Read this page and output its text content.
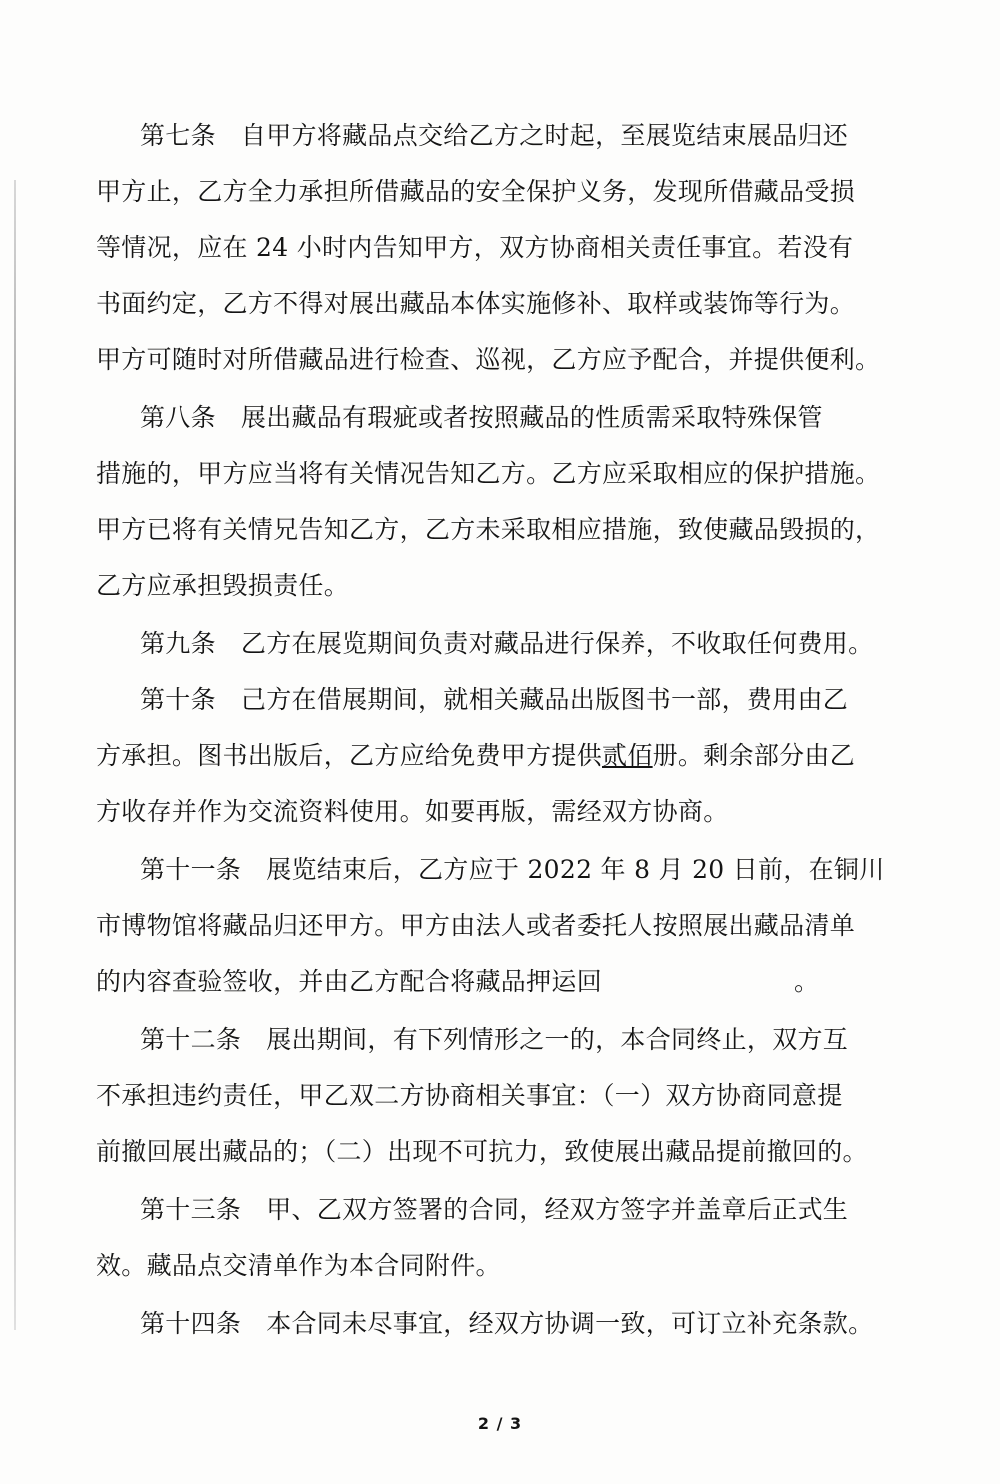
第七条 自甲方将藏品点交给乙方之时起，至展览结束展品归还
甲方止，乙方全力承担所借藏品的安全保护义务，发现所借藏品受损
等情况，应在 24 小时内告知甲方，双方协商相关责任事宜。若没有
书面约定，乙方不得对展出藏品本体实施修补、取样或装饰等行为。
甲方可随时对所借藏品进行检查、巡视，乙方应予配合，并提供便利。
第八条 展出藏品有瑕疵或者按照藏品的性质需采取特殊保管
措施的，甲方应当将有关情况告知乙方。乙方应采取相应的保护措施。
甲方已将有关情兄告知乙方，乙方未采取相应措施，致使藏品毁损的，
乙方应承担毁损责任。
第九条 乙方在展览期间负责对藏品进行保养，不收取任何费用。
第十条 己方在借展期间，就相关藏品出版图书一部，费用由乙
方承担。图书出版后，乙方应给免费甲方提供贰佰册。剩余部分由乙
方收存并作为交流资料使用。如要再版，需经双方协商。
第十一条 展览结束后，乙方应于 2022 年 8 月 20 日前，在铜川
市博物馆将藏品归还甲方。甲方由法人或者委托人按照展出藏品清单
的内容查验签收，并由乙方配合将藏品押运回	。
第十二条 展出期间，有下列情形之一的，本合同终止，双方互
不承担违约责任，甲乙双二方协商相关事宜：（一）双方协商同意提
前撤回展出藏品的；（二）出现不可抗力，致使展出藏品提前撤回的。
第十三条 甲、乙双方签署的合同，经双方签字并盖章后正式生
效。藏品点交清单作为本合同附件。
第十四条 本合同未尽事宜，经双方协调一致，可订立补充条款。
2 / 3
